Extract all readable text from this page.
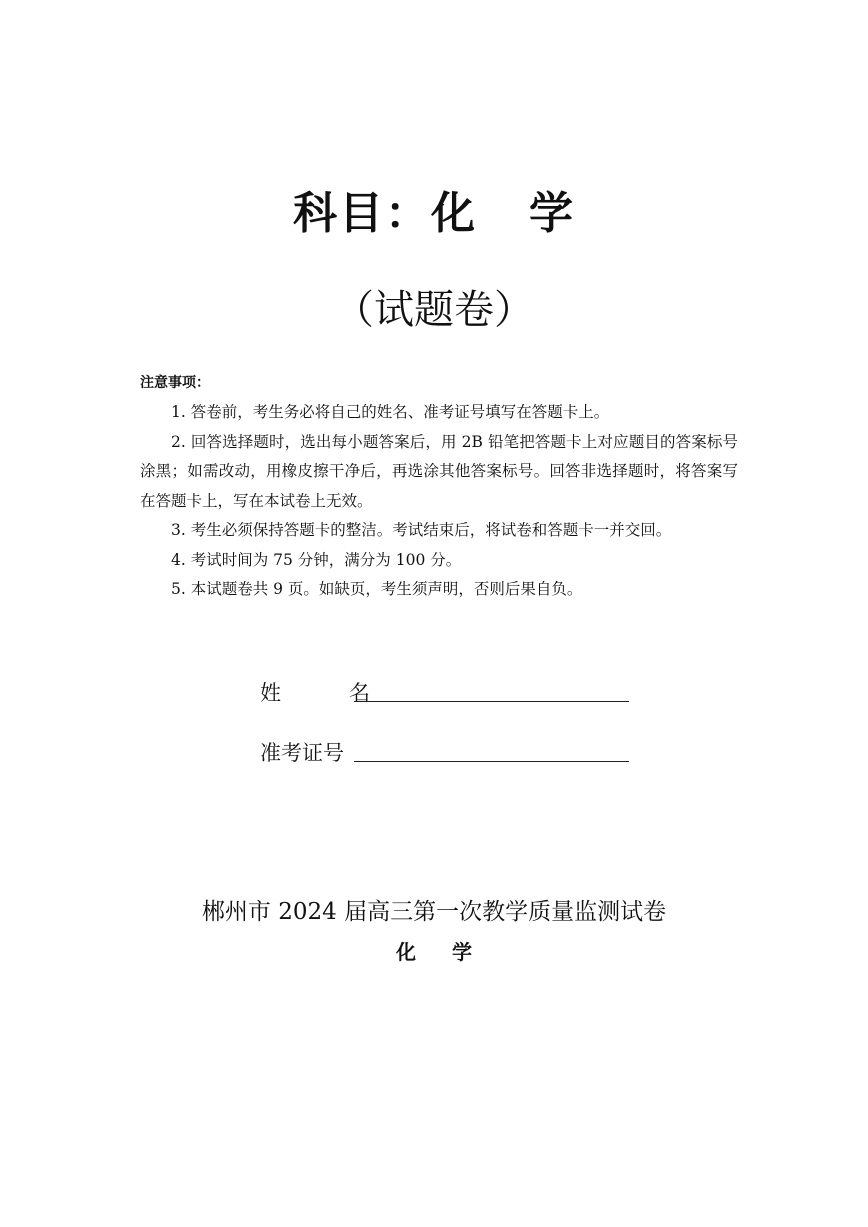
科目：化 学
（试题卷）
注意事项：

1. 答卷前，考生务必将自己的姓名、准考证号填写在答题卡上。

2. 回答选择题时，选出每小题答案后，用 2B 铅笔把答题卡上对应题目的答案标号涂黑；如需改动，用橡皮擦干净后，再选涂其他答案标号。回答非选择题时，将答案写在答题卡上，写在本试卷上无效。

3. 考生必须保持答题卡的整洁。考试结束后，将试卷和答题卡一并交回。

4. 考试时间为 75 分钟，满分为 100 分。

5. 本试题卷共 9 页。如缺页，考生须声明，否则后果自负。

姓	名
准考证号
郴州市 2024 届高三第一次教学质量监测试卷
化 学
